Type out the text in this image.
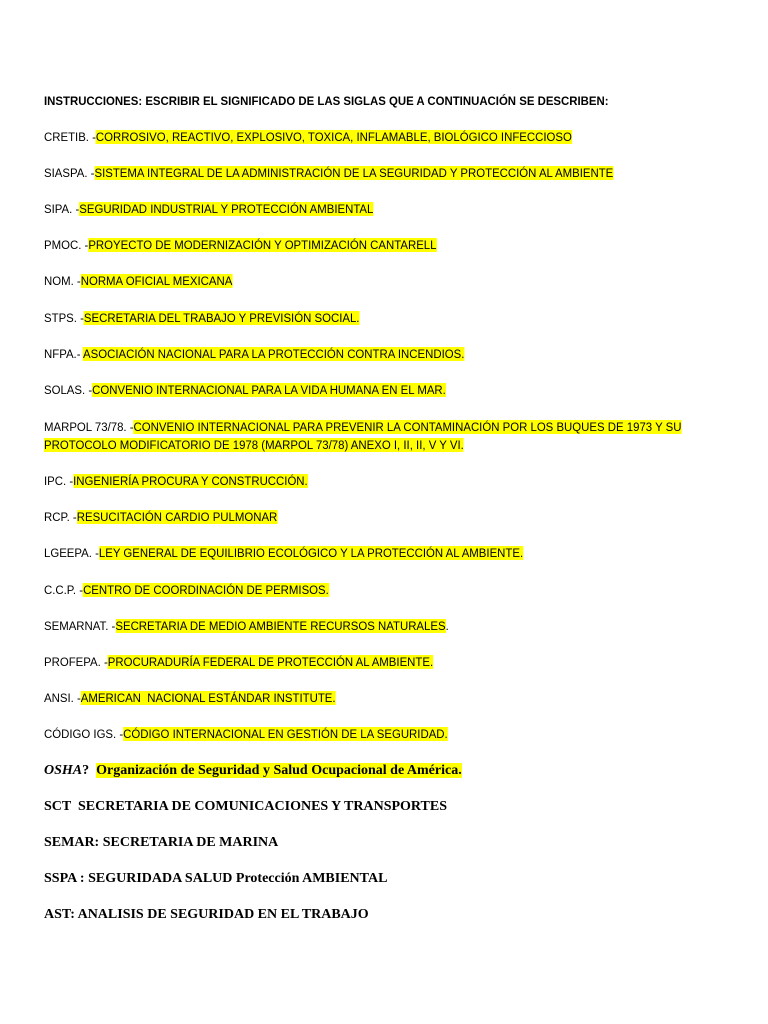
INSTRUCCIONES: ESCRIBIR EL SIGNIFICADO DE LAS SIGLAS QUE A CONTINUACIÓN SE DESCRIBEN:
CRETIB. -CORROSIVO, REACTIVO, EXPLOSIVO, TOXICA, INFLAMABLE, BIOLÓGICO INFECCIOSO
SIASPA. -SISTEMA INTEGRAL DE LA ADMINISTRACIÓN DE LA SEGURIDAD Y PROTECCIÓN AL AMBIENTE
SIPA. -SEGURIDAD INDUSTRIAL Y PROTECCIÓN AMBIENTAL
PMOC. -PROYECTO DE MODERNIZACIÓN Y OPTIMIZACIÓN CANTARELL
NOM. -NORMA OFICIAL MEXICANA
STPS. -SECRETARIA DEL TRABAJO Y PREVISIÓN SOCIAL.
NFPA.- ASOCIACIÓN NACIONAL PARA LA PROTECCIÓN CONTRA INCENDIOS.
SOLAS. -CONVENIO INTERNACIONAL PARA LA VIDA HUMANA EN EL MAR.
MARPOL 73/78. -CONVENIO INTERNACIONAL PARA PREVENIR LA CONTAMINACIÓN POR LOS BUQUES DE 1973 Y SU PROTOCOLO MODIFICATORIO DE 1978 (MARPOL 73/78) ANEXO I, II, II, V Y VI.
IPC. -INGENIERÍA PROCURA Y CONSTRUCCIÓN.
RCP. -RESUCITACIÓN CARDIO PULMONAR
LGEEPA. -LEY GENERAL DE EQUILIBRIO ECOLÓGICO Y LA PROTECCIÓN AL AMBIENTE.
C.C.P. -CENTRO DE COORDINACIÓN DE PERMISOS.
SEMARNAT. -SECRETARIA DE MEDIO AMBIENTE RECURSOS NATURALES.
PROFEPA. -PROCURADURÍA FEDERAL DE PROTECCIÓN AL AMBIENTE.
ANSI. -AMERICAN  NACIONAL ESTÁNDAR INSTITUTE.
CÓDIGO IGS. -CÓDIGO INTERNACIONAL EN GESTIÓN DE LA SEGURIDAD.
OSHA?  Organización de Seguridad y Salud Ocupacional de América.
SCT  SECRETARIA DE COMUNICACIONES Y TRANSPORTES
SEMAR: SECRETARIA DE MARINA
SSPA : SEGURIDADA SALUD Protección AMBIENTAL
AST: ANALISIS DE SEGURIDAD EN EL TRABAJO
